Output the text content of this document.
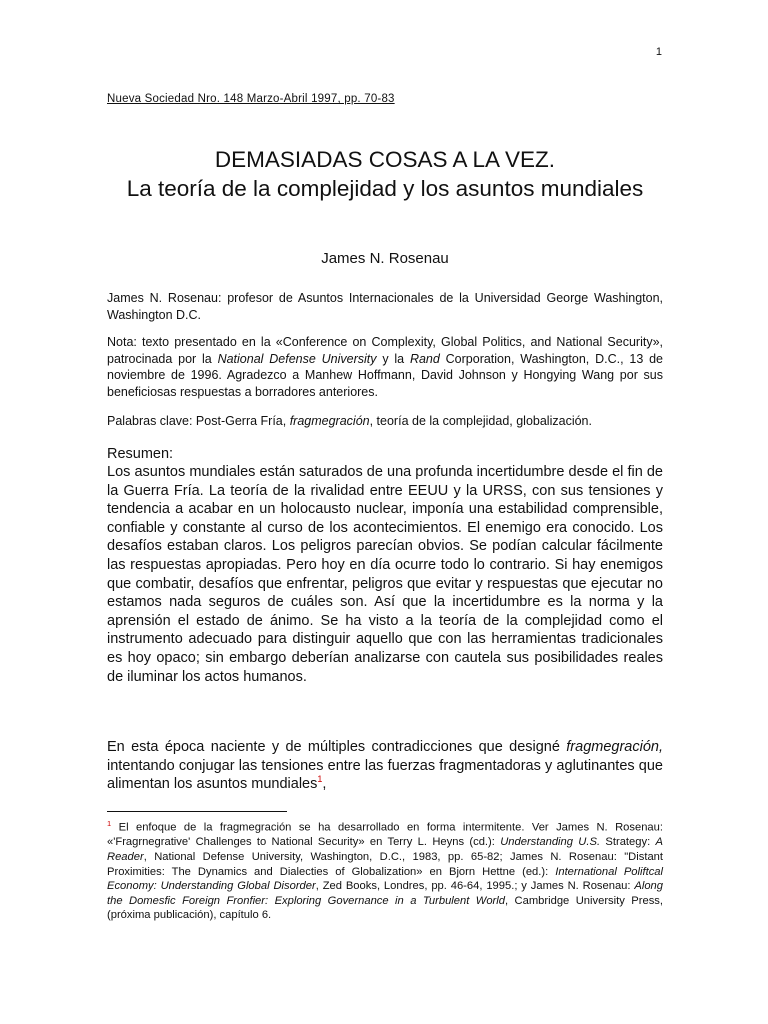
1
Nueva Sociedad Nro. 148 Marzo-Abril 1997, pp. 70-83
DEMASIADAS COSAS A LA VEZ.
La teoría de la complejidad y los asuntos mundiales
James N. Rosenau
James N. Rosenau: profesor de Asuntos Internacionales de la Universidad George Washington, Washington D.C.
Nota: texto presentado en la «Conference on Complexity, Global Politics, and National Security», patrocinada por la National Defense University y la Rand Corporation, Washington, D.C., 13 de noviembre de 1996. Agradezco a Manhew Hoffmann, David Johnson y Hongying Wang por sus beneficiosas respuestas a borradores anteriores.
Palabras clave: Post-Gerra Fría, fragmegración, teoría de la complejidad, globalización.
Resumen:
Los asuntos mundiales están saturados de una profunda incertidumbre desde el fin de la Guerra Fría. La teoría de la rivalidad entre EEUU y la URSS, con sus tensiones y tendencia a acabar en un holocausto nuclear, imponía una estabilidad comprensible, confiable y constante al curso de los acontecimientos. El enemigo era conocido. Los desafíos estaban claros. Los peligros parecían obvios. Se podían calcular fácilmente las respuestas apropiadas. Pero hoy en día ocurre todo lo contrario. Si hay enemigos que combatir, desafíos que enfrentar, peligros que evitar y respuestas que ejecutar no estamos nada seguros de cuáles son. Así que la incertidumbre es la norma y la aprensión el estado de ánimo. Se ha visto a la teoría de la complejidad como el instrumento adecuado para distinguir aquello que con las herramientas tradicionales es hoy opaco; sin embargo deberían analizarse con cautela sus posibilidades reales de iluminar los actos humanos.
En esta época naciente y de múltiples contradicciones que designé fragmegración, intentando conjugar las tensiones entre las fuerzas fragmentadoras y aglutinantes que alimentan los asuntos mundiales$^1$,
$^1$ El enfoque de la fragmegración se ha desarrollado en forma intermitente. Ver James N. Rosenau: «'Fragrnegrative' Challenges to National Security» en Terry L. Heyns (cd.): Understanding U.S. Strategy: A Reader, National Defense University, Washington, D.C., 1983, pp. 65-82; James N. Rosenau: "Distant Proximities: The Dynamics and Dialecties of Globalization» en Bjorn Hettne (ed.): International Poliftcal Economy: Understanding Global Disorder, Zed Books, Londres, pp. 46-64, 1995.; y James N. Rosenau: Along the Domesfic Foreign Fronfier: Exploring Governance in a Turbulent World, Cambridge University Press, (próxima publicación), capítulo 6.
